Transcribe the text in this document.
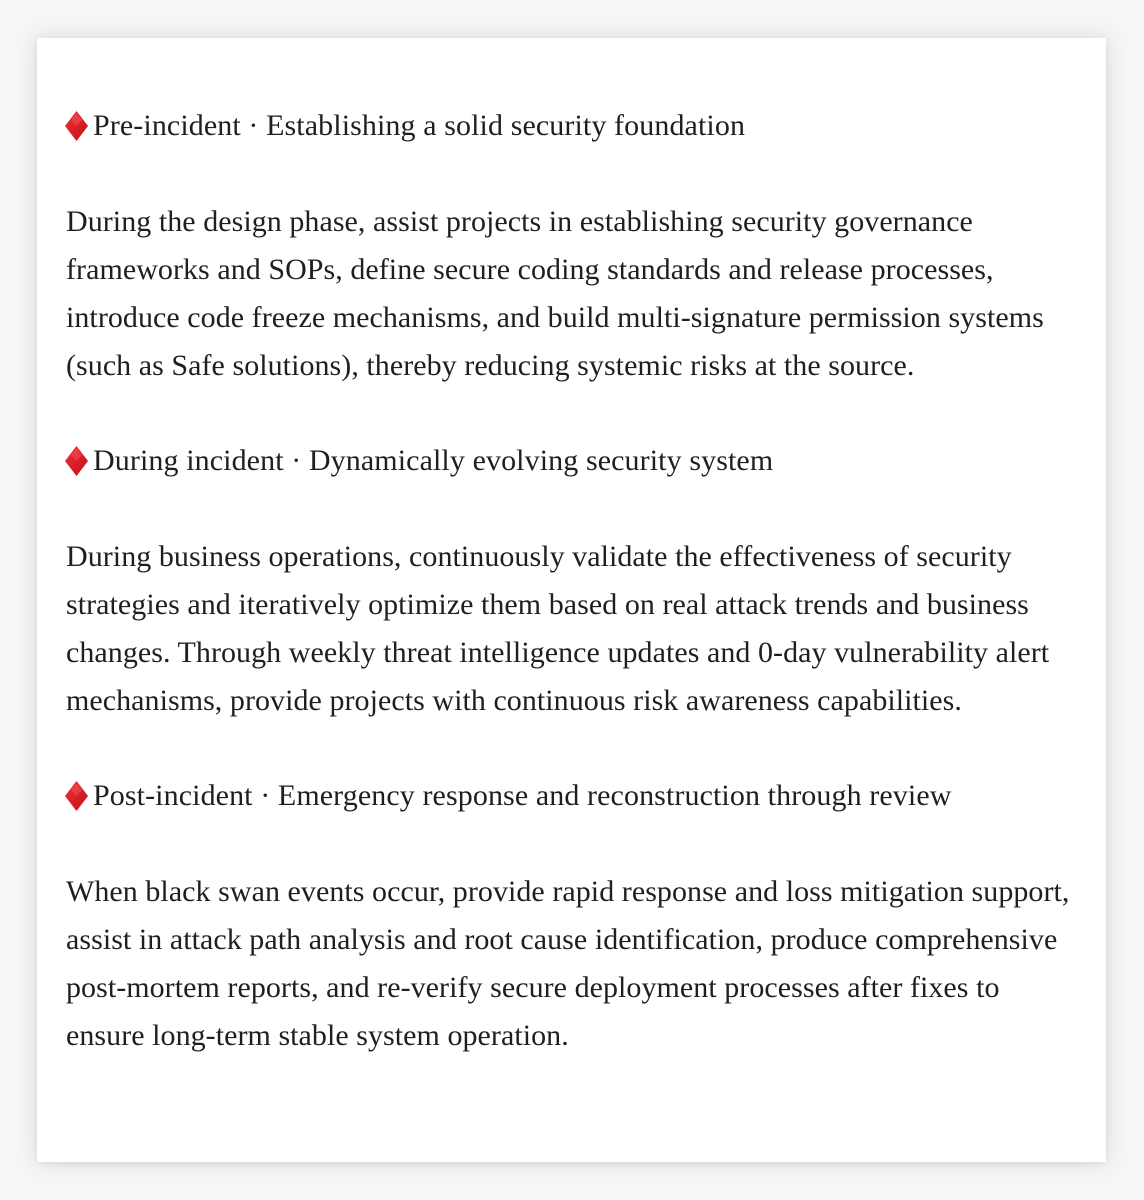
Pre-incident · Establishing a solid security foundation

During the design phase, assist projects in establishing security governance frameworks and SOPs, define secure coding standards and release processes, introduce code freeze mechanisms, and build multi-signature permission systems (such as Safe solutions), thereby reducing systemic risks at the source.

During incident · Dynamically evolving security system

During business operations, continuously validate the effectiveness of security strategies and iteratively optimize them based on real attack trends and business changes. Through weekly threat intelligence updates and 0-day vulnerability alert mechanisms, provide projects with continuous risk awareness capabilities.

Post-incident · Emergency response and reconstruction through review

When black swan events occur, provide rapid response and loss mitigation support, assist in attack path analysis and root cause identification, produce comprehensive post-mortem reports, and re-verify secure deployment processes after fixes to ensure long-term stable system operation.
